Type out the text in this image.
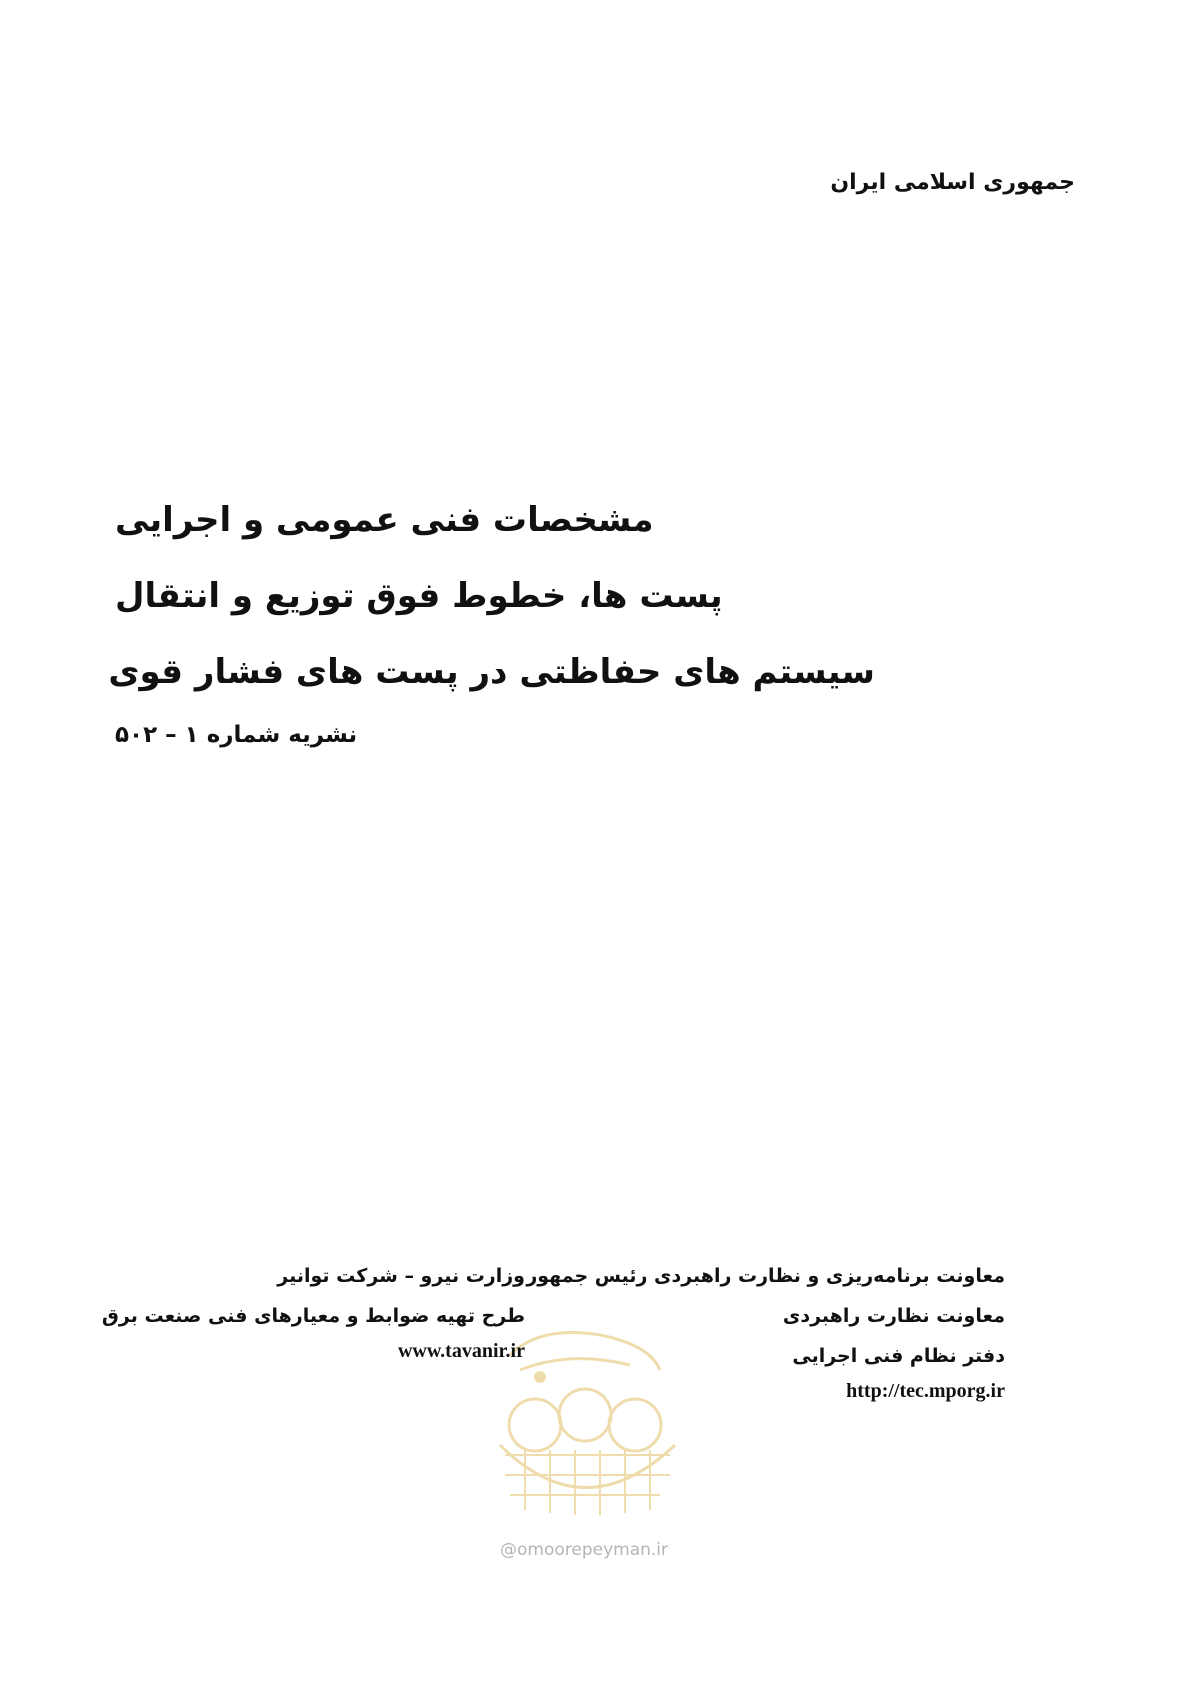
جمهوری اسلامی ایران
مشخصات فنی عمومی و اجرایی
پست ها، خطوط فوق توزیع و انتقال
سیستم های حفاظتی در پست های فشار قوی
نشریه شماره ۱ – ۵۰۲
@omoorepeyman.ir
معاونت برنامه‌ریزی و نظارت راهبردی رئیس جمهور
معاونت نظارت راهبردی
دفتر نظام فنی اجرایی
http://tec.mporg.ir
وزارت نیرو – شرکت توانیر
طرح تهیه ضوابط و معیارهای فنی صنعت برق
www.tavanir.ir
